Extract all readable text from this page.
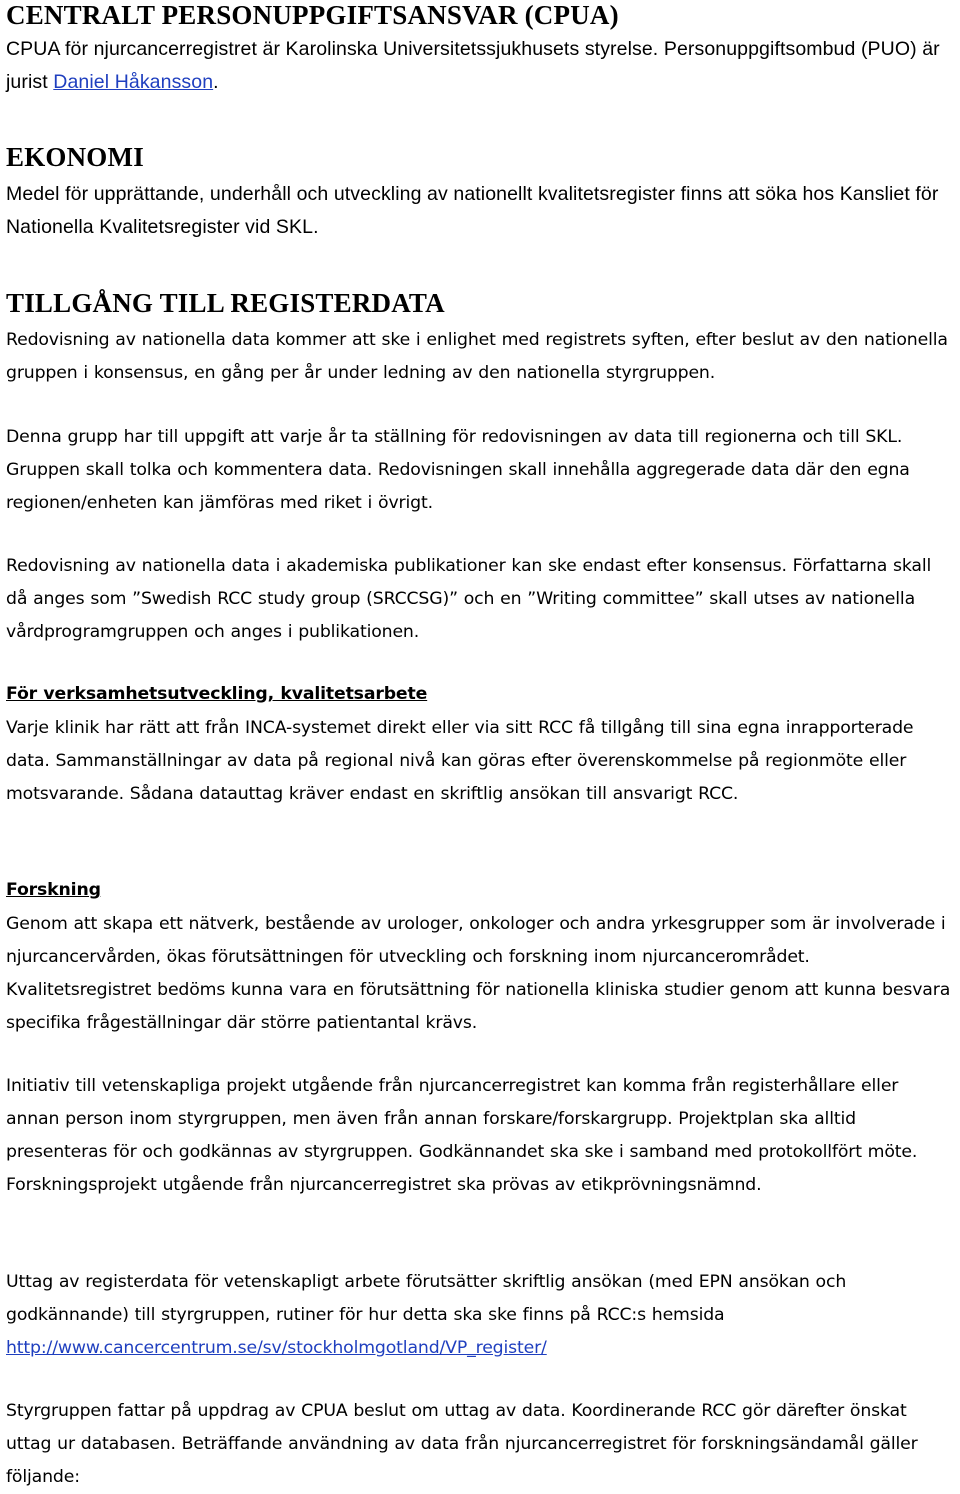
CENTRALT PERSONUPPGIFTSANSVAR (CPUA)

CPUA för njurcancerregistret är Karolinska Universitetssjukhusets styrelse. Personuppgiftsombud (PUO) är jurist Daniel Håkansson.

EKONOMI

Medel för upprättande, underhåll och utveckling av nationellt kvalitetsregister finns att söka hos Kansliet för Nationella Kvalitetsregister vid SKL.

TILLGÅNG TILL REGISTERDATA

Redovisning av nationella data kommer att ske i enlighet med registrets syften, efter beslut av den nationella gruppen i konsensus, en gång per år under ledning av den nationella styrgruppen.

Denna grupp har till uppgift att varje år ta ställning för redovisningen av data till regionerna och till SKL. Gruppen skall tolka och kommentera data. Redovisningen skall innehålla aggregerade data där den egna regionen/enheten kan jämföras med riket i övrigt.

Redovisning av nationella data i akademiska publikationer kan ske endast efter konsensus. Författarna skall då anges som ”Swedish RCC study group (SRCCSG)” och en ”Writing committee” skall utses av nationella vårdprogramgruppen och anges i publikationen.

För verksamhetsutveckling, kvalitetsarbete

Varje klinik har rätt att från INCA-systemet direkt eller via sitt RCC få tillgång till sina egna inrapporterade data. Sammanställningar av data på regional nivå kan göras efter överenskommelse på regionmöte eller motsvarande. Sådana datauttag kräver endast en skriftlig ansökan till ansvarigt RCC.

Forskning

Genom att skapa ett nätverk, bestående av urologer, onkologer och andra yrkesgrupper som är involverade i njurcancervården, ökas förutsättningen för utveckling och forskning inom njurcancerområdet. Kvalitetsregistret bedöms kunna vara en förutsättning för nationella kliniska studier genom att kunna besvara specifika frågeställningar där större patientantal krävs.

Initiativ till vetenskapliga projekt utgående från njurcancerregistret kan komma från registerhållare eller annan person inom styrgruppen, men även från annan forskare/forskargrupp. Projektplan ska alltid presenteras för och godkännas av styrgruppen. Godkännandet ska ske i samband med protokollfört möte. Forskningsprojekt utgående från njurcancerregistret ska prövas av etikprövningsnämnd.

Uttag av registerdata för vetenskapligt arbete förutsätter skriftlig ansökan (med EPN ansökan och godkännande) till styrgruppen, rutiner för hur detta ska ske finns på RCC:s hemsida http://www.cancercentrum.se/sv/stockholmgotland/VP_register/

Styrgruppen fattar på uppdrag av CPUA beslut om uttag av data. Koordinerande RCC gör därefter önskat uttag ur databasen. Beträffande användning av data från njurcancerregistret för forskningsändamål gäller följande:
